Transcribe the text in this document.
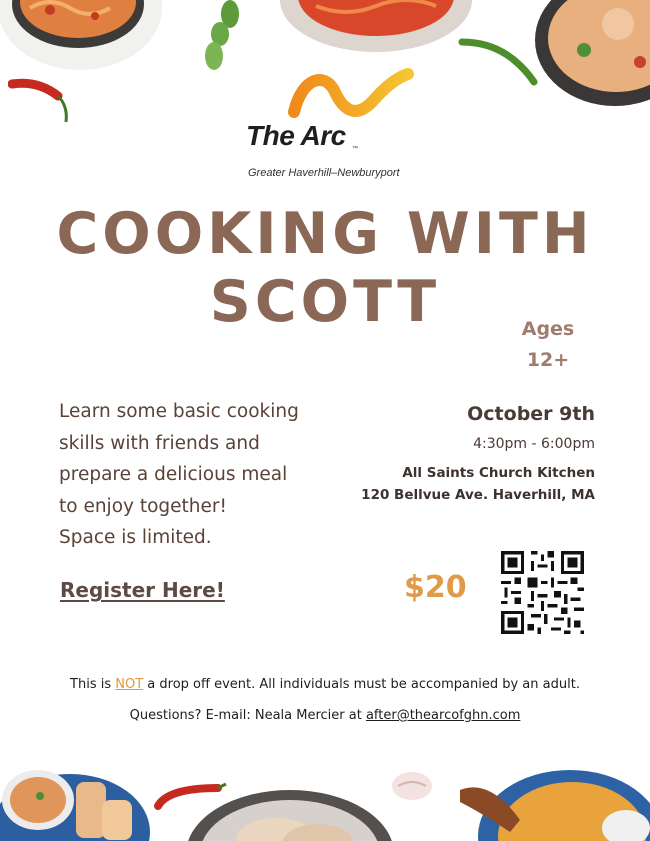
The Arc	™
Greater Haverhill–Newburyport
COOKING WITH SCOTT	Ages
12+
Learn some basic cooking
skills with friends and
prepare a delicious meal
to enjoy together!
Space is limited.
Register Here!
October 9th
4:30pm - 6:00pm
All Saints Church Kitchen
120 Bellvue Ave. Haverhill, MA
$20
This is NOT a drop off event. All individuals must be accompanied by an adult.
Questions? E-mail: Neala Mercier at after@thearcofghn.com
